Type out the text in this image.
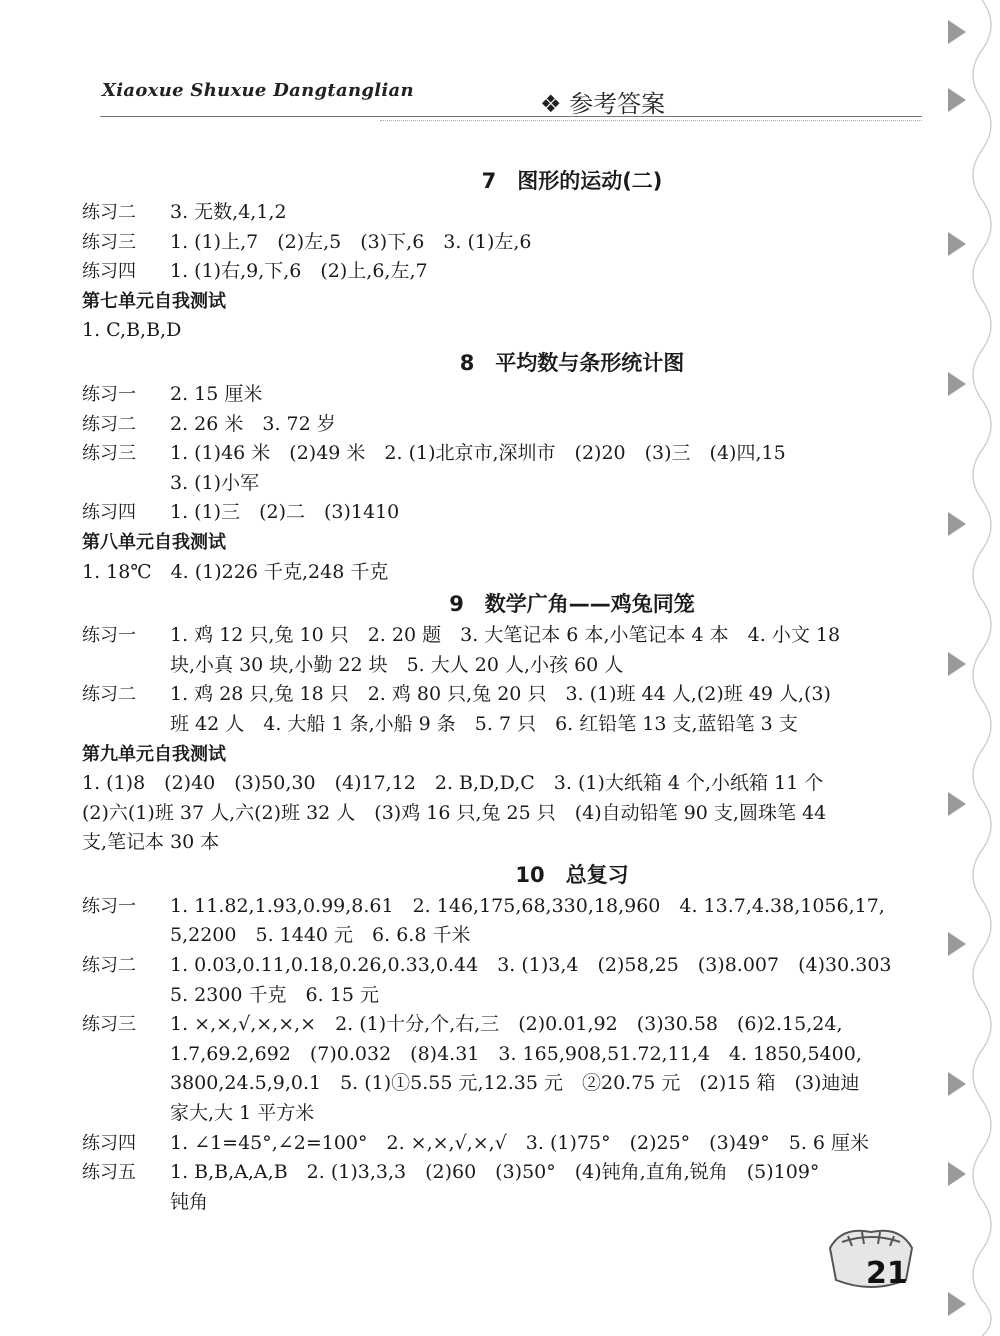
Xiaoxue Shuxue Dangtanglian	❖ 参考答案
7　图形的运动(二)
练习二	3. 无数,4,1,2
练习三	1. (1)上,7　(2)左,5　(3)下,6　3. (1)左,6
练习四	1. (1)右,9,下,6　(2)上,6,左,7
第七单元自我测试
1. C,B,B,D
8　平均数与条形统计图
练习一	2. 15 厘米
练习二	2. 26 米　3. 72 岁
练习三	1. (1)46 米　(2)49 米　2. (1)北京市,深圳市　(2)20　(3)三　(4)四,15
3. (1)小军
练习四	1. (1)三　(2)二　(3)1410
第八单元自我测试
1. 18℃　4. (1)226 千克,248 千克
9　数学广角——鸡兔同笼
练习一	1. 鸡 12 只,兔 10 只　2. 20 题　3. 大笔记本 6 本,小笔记本 4 本　4. 小文 18
块,小真 30 块,小勤 22 块　5. 大人 20 人,小孩 60 人
练习二	1. 鸡 28 只,兔 18 只　2. 鸡 80 只,兔 20 只　3. (1)班 44 人,(2)班 49 人,(3)
班 42 人　4. 大船 1 条,小船 9 条　5. 7 只　6. 红铅笔 13 支,蓝铅笔 3 支
第九单元自我测试
1. (1)8　(2)40　(3)50,30　(4)17,12　2. B,D,D,C　3. (1)大纸箱 4 个,小纸箱 11 个
(2)六(1)班 37 人,六(2)班 32 人　(3)鸡 16 只,兔 25 只　(4)自动铅笔 90 支,圆珠笔 44
支,笔记本 30 本
10　总复习
练习一	1. 11.82,1.93,0.99,8.61　2. 146,175,68,330,18,960　4. 13.7,4.38,1056,17,
5,2200　5. 1440 元　6. 6.8 千米
练习二	1. 0.03,0.11,0.18,0.26,0.33,0.44　3. (1)3,4　(2)58,25　(3)8.007　(4)30.303
5. 2300 千克　6. 15 元
练习三	1. ×,×,√,×,×,×　2. (1)十分,个,右,三　(2)0.01,92　(3)30.58　(6)2.15,24,
1.7,69.2,692　(7)0.032　(8)4.31　3. 165,908,51.72,11,4　4. 1850,5400,
3800,24.5,9,0.1　5. (1)①5.55 元,12.35 元　②20.75 元　(2)15 箱　(3)迪迪
家大,大 1 平方米
练习四	1. ∠1=45°,∠2=100°　2. ×,×,√,×,√　3. (1)75°　(2)25°　(3)49°　5. 6 厘米
练习五	1. B,B,A,A,B　2. (1)3,3,3　(2)60　(3)50°　(4)钝角,直角,锐角　(5)109°
钝角
21
